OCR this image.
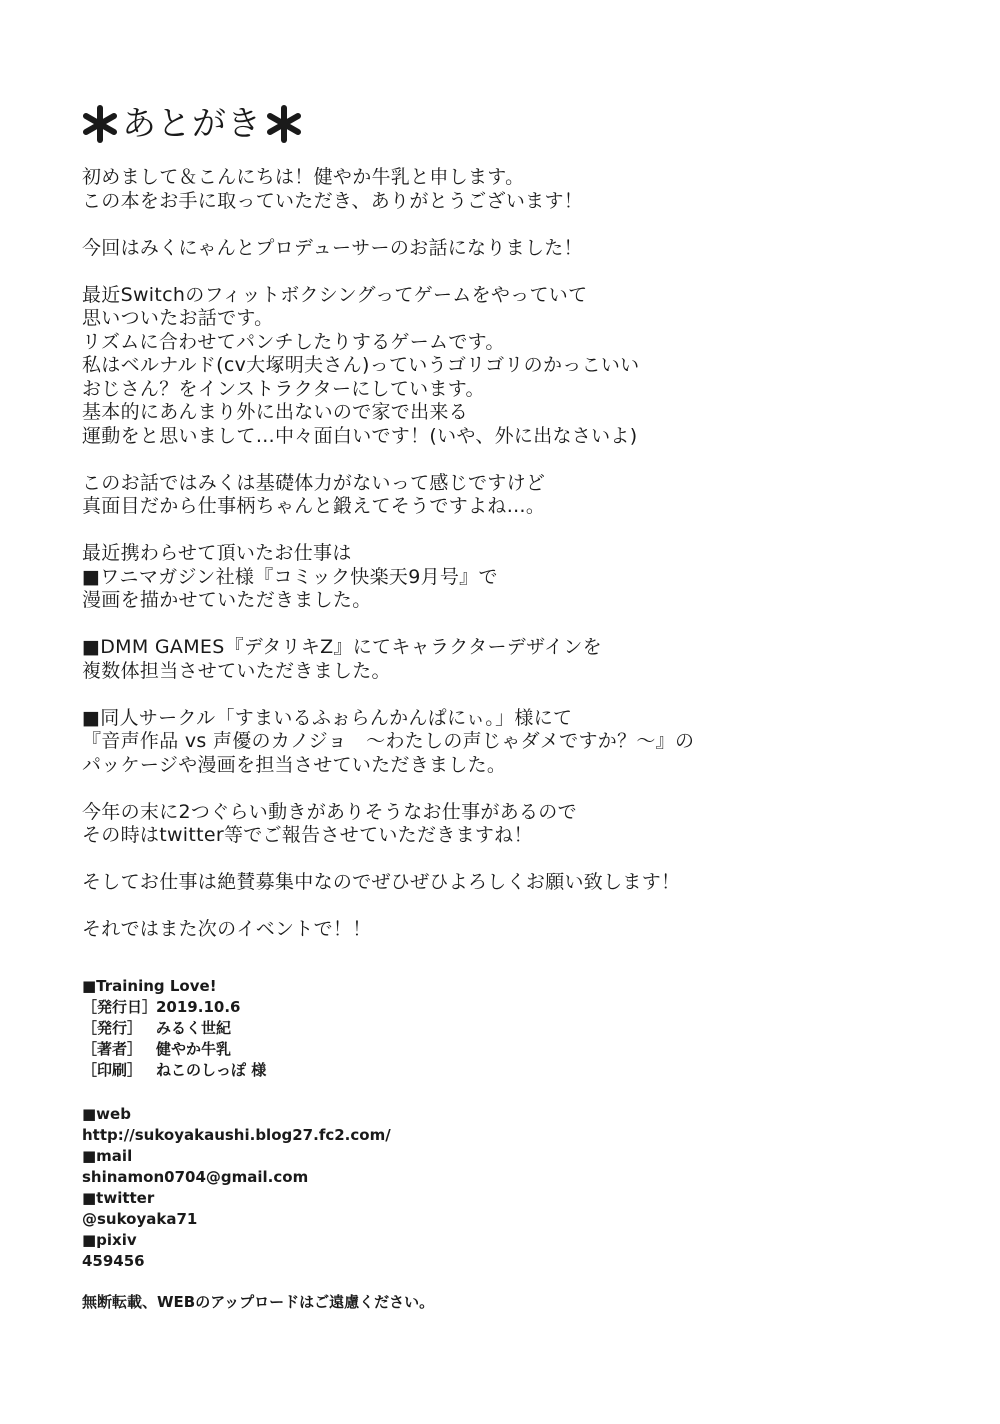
あとがき
初めまして＆こんにちは！健やか牛乳と申します。
この本をお手に取っていただき、ありがとうございます！
今回はみくにゃんとプロデューサーのお話になりました！
最近Switchのフィットボクシングってゲームをやっていて
思いついたお話です。
リズムに合わせてパンチしたりするゲームです。
私はベルナルド(cv大塚明夫さん)っていうゴリゴリのかっこいい
おじさん？をインストラクターにしています。
基本的にあんまり外に出ないので家で出来る
運動をと思いまして…中々面白いです！(いや、外に出なさいよ)
このお話ではみくは基礎体力がないって感じですけど
真面目だから仕事柄ちゃんと鍛えてそうですよね…。
最近携わらせて頂いたお仕事は
■ワニマガジン社様『コミック快楽天9月号』で
漫画を描かせていただきました。
■DMM GAMES『デタリキZ』にてキャラクターデザインを
複数体担当させていただきました。
■同人サークル「すまいるふぉらんかんぱにぃ。」様にて
『音声作品 vs 声優のカノジョ　～わたしの声じゃダメですか？～』の
パッケージや漫画を担当させていただきました。
今年の末に2つぐらい動きがありそうなお仕事があるので
その時はtwitter等でご報告させていただきますね！
そしてお仕事は絶賛募集中なのでぜひぜひよろしくお願い致します！
それではまた次のイベントで！！
■Training Love!
［発行日］
2019.10.6
［発行］ みるく世紀
［著者］ 健やか牛乳
［印刷］ ねこのしっぽ 様
■web
http://sukoyakaushi.blog27.fc2.com/
■mail
shinamon0704@gmail.com
■twitter
@sukoyaka71
■pixiv
459456
無断転載、WEBのアップロードはご遠慮ください。
